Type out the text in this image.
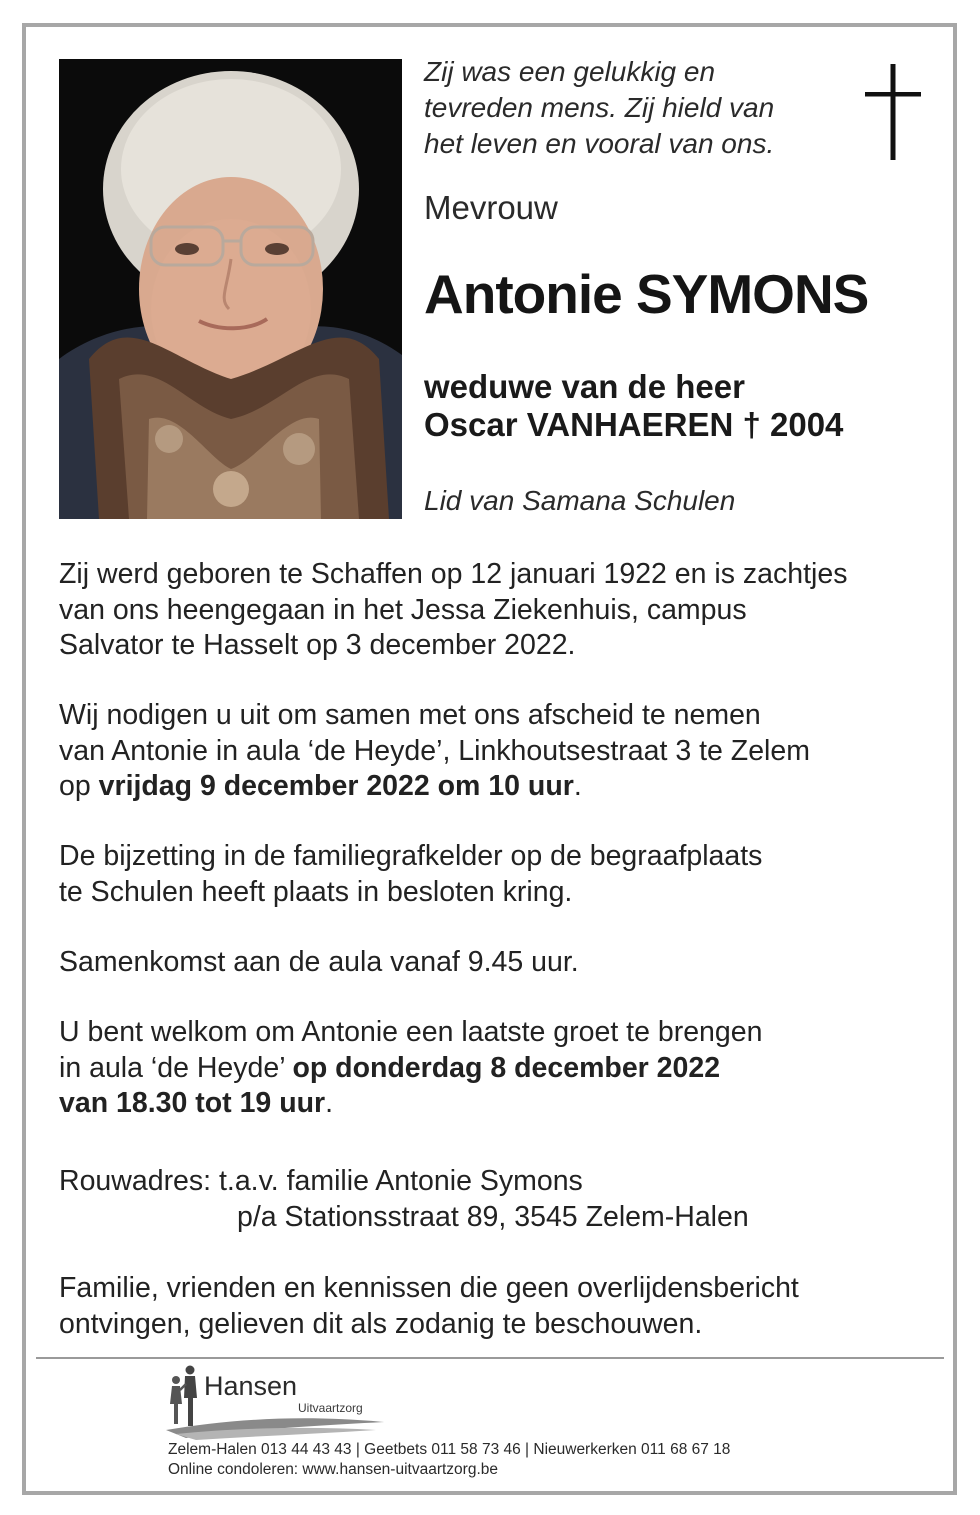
Zij was een gelukkig en
tevreden mens. Zij hield van
het leven en vooral van ons.
Mevrouw
Antonie SYMONS
weduwe van de heer
Oscar VANHAEREN † 2004
Lid van Samana Schulen
Zij werd geboren te Schaffen op 12 januari 1922 en is zachtjes
van ons heengegaan in het Jessa Ziekenhuis, campus
Salvator te Hasselt op 3 december 2022.
Wij nodigen u uit om samen met ons afscheid te nemen
van Antonie in aula ‘de Heyde’, Linkhoutsestraat 3 te Zelem
op vrijdag 9 december 2022 om 10 uur.
De bijzetting in de familiegrafkelder op de begraafplaats
te Schulen heeft plaats in besloten kring.
Samenkomst aan de aula vanaf 9.45 uur.
U bent welkom om Antonie een laatste groet te brengen
in aula ‘de Heyde’ op donderdag 8 december 2022
van 18.30 tot 19 uur.
Rouwadres: t.a.v. familie Antonie Symons
p/a Stationsstraat 89, 3545 Zelem-Halen
Familie, vrienden en kennissen die geen overlijdensbericht
ontvingen, gelieven dit als zodanig te beschouwen.
Hansen
Uitvaartzorg
Zelem-Halen 013 44 43 43 | Geetbets 011 58 73 46 | Nieuwerkerken 011 68 67 18
Online condoleren: www.hansen-uitvaartzorg.be
